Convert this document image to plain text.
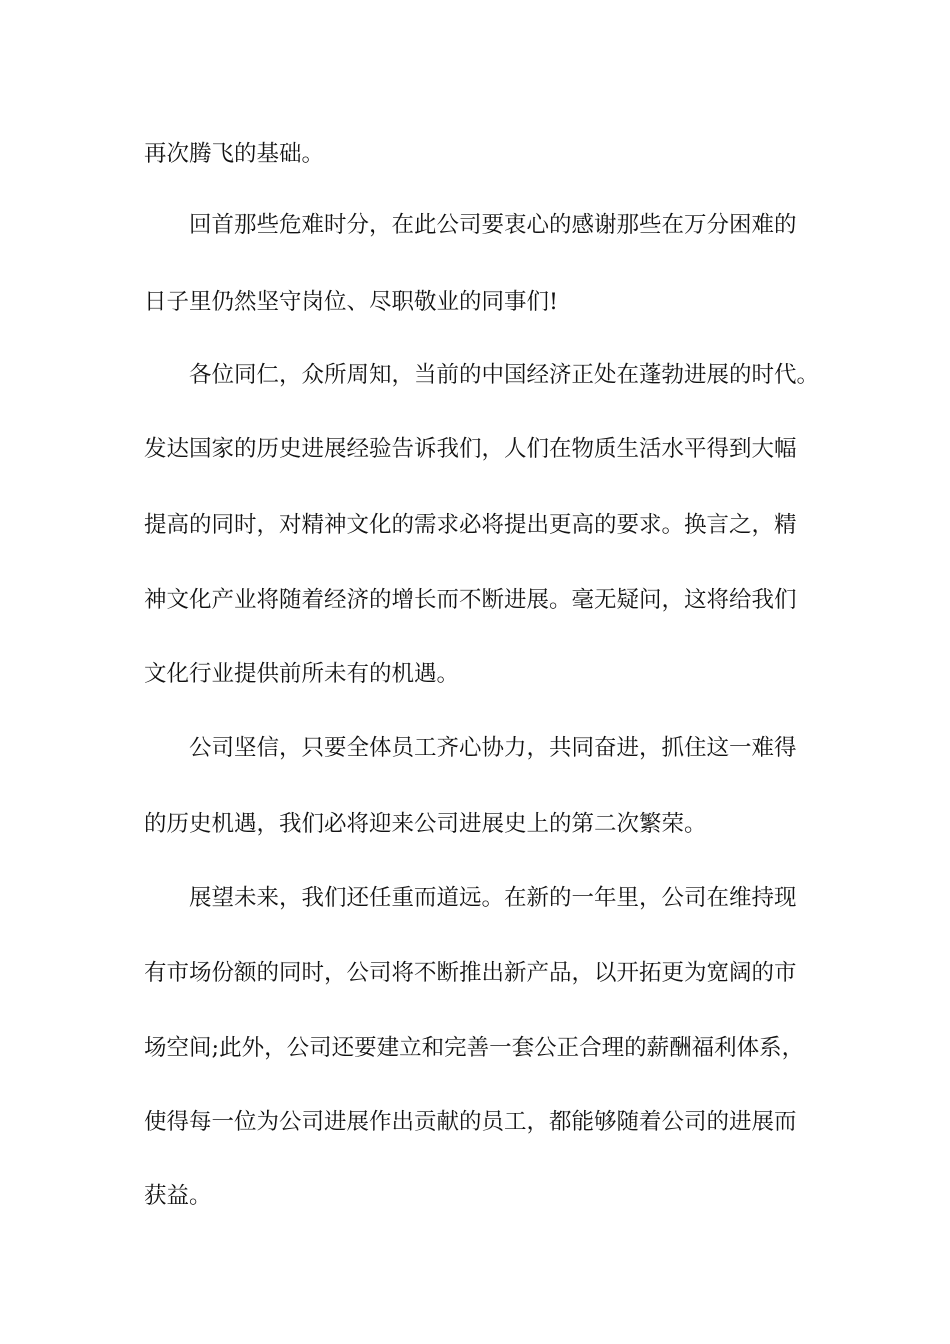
再次腾飞的基础。
回首那些危难时分，在此公司要衷心的感谢那些在万分困难的
日子里仍然坚守岗位、尽职敬业的同事们!
各位同仁，众所周知，当前的中国经济正处在蓬勃进展的时代。
发达国家的历史进展经验告诉我们，人们在物质生活水平得到大幅
提高的同时，对精神文化的需求必将提出更高的要求。换言之，精
神文化产业将随着经济的增长而不断进展。毫无疑问，这将给我们
文化行业提供前所未有的机遇。
公司坚信，只要全体员工齐心协力，共同奋进，抓住这一难得
的历史机遇，我们必将迎来公司进展史上的第二次繁荣。
展望未来，我们还任重而道远。在新的一年里，公司在维持现
有市场份额的同时，公司将不断推出新产品，以开拓更为宽阔的市
场空间;此外，公司还要建立和完善一套公正合理的薪酬福利体系，
使得每一位为公司进展作出贡献的员工，都能够随着公司的进展而
获益。
